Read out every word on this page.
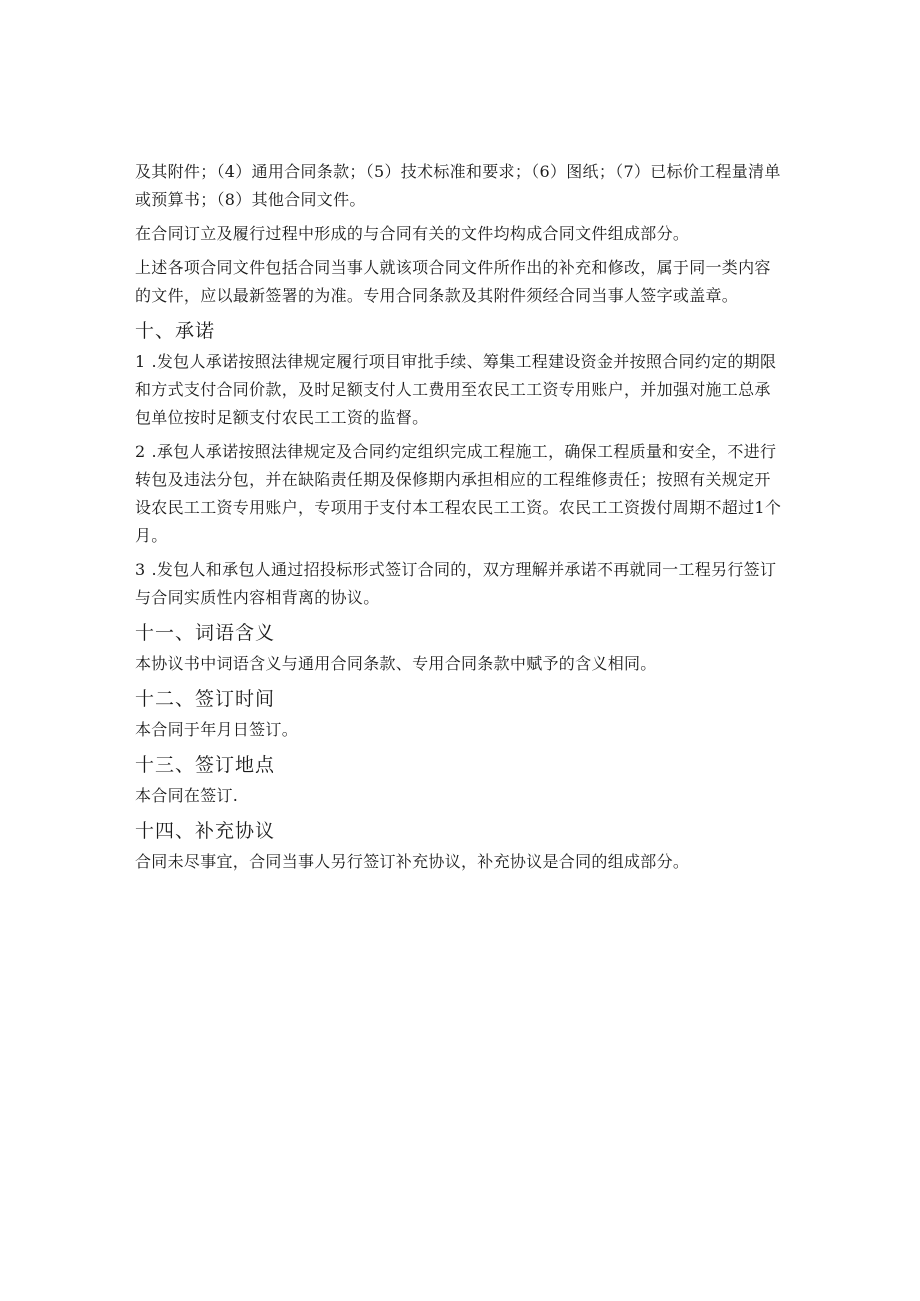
及其附件；（4）通用合同条款；（5）技术标准和要求；（6）图纸；（7）已标价工程量清单或预算书；（8）其他合同文件。

在合同订立及履行过程中形成的与合同有关的文件均构成合同文件组成部分。

上述各项合同文件包括合同当事人就该项合同文件所作出的补充和修改，属于同一类内容的文件，应以最新签署的为准。专用合同条款及其附件须经合同当事人签字或盖章。

十、承诺

1 .发包人承诺按照法律规定履行项目审批手续、筹集工程建设资金并按照合同约定的期限和方式支付合同价款，及时足额支付人工费用至农民工工资专用账户，并加强对施工总承包单位按时足额支付农民工工资的监督。

2 .承包人承诺按照法律规定及合同约定组织完成工程施工，确保工程质量和安全，不进行转包及违法分包，并在缺陷责任期及保修期内承担相应的工程维修责任；按照有关规定开设农民工工资专用账户，专项用于支付本工程农民工工资。农民工工资拨付周期不超过1个月。

3 .发包人和承包人通过招投标形式签订合同的，双方理解并承诺不再就同一工程另行签订与合同实质性内容相背离的协议。

十一、词语含义

本协议书中词语含义与通用合同条款、专用合同条款中赋予的含义相同。

十二、签订时间

本合同于年月日签订。

十三、签订地点

本合同在签订.

十四、补充协议

合同未尽事宜，合同当事人另行签订补充协议，补充协议是合同的组成部分。
